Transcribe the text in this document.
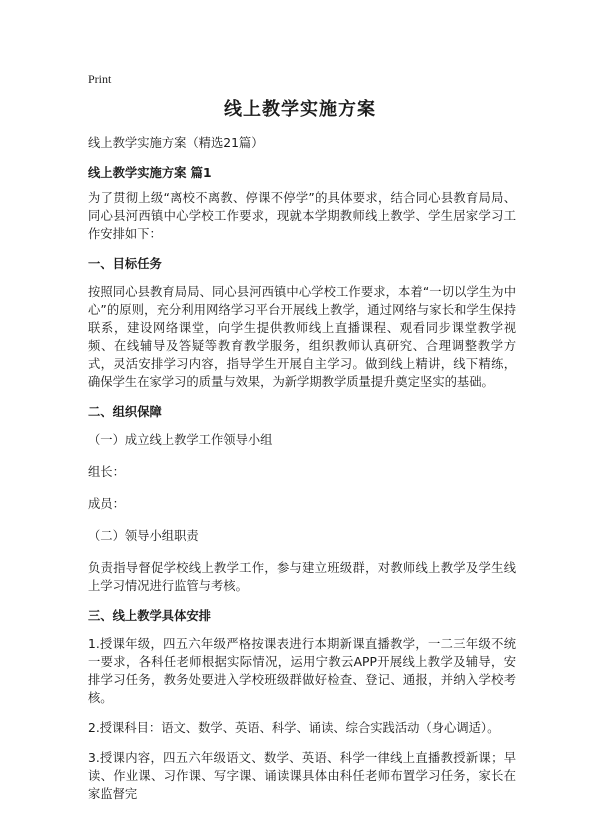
Print
线上教学实施方案

线上教学实施方案（精选21篇）

线上教学实施方案 篇1

为了贯彻上级“离校不离教、停课不停学”的具体要求，结合同心县教育局局、同心县河西镇中心学校工作要求，现就本学期教师线上教学、学生居家学习工作安排如下：

一、目标任务

按照同心县教育局局、同心县河西镇中心学校工作要求，本着“一切以学生为中心”的原则，充分利用网络学习平台开展线上教学，通过网络与家长和学生保持联系，建设网络课堂，向学生提供教师线上直播课程、观看同步课堂教学视频、在线辅导及答疑等教育教学服务，组织教师认真研究、合理调整教学方式，灵活安排学习内容，指导学生开展自主学习。做到线上精讲，线下精练，确保学生在家学习的质量与效果，为新学期教学质量提升奠定坚实的基础。

二、组织保障

（一）成立线上教学工作领导小组

组长：

成员：

（二）领导小组职责

负责指导督促学校线上教学工作，参与建立班级群，对教师线上教学及学生线上学习情况进行监管与考核。

三、线上教学具体安排

1.授课年级，四五六年级严格按课表进行本期新课直播教学，一二三年级不统一要求，各科任老师根据实际情况，运用宁教云APP开展线上教学及辅导，安排学习任务，教务处要进入学校班级群做好检查、登记、通报，并纳入学校考核。

2.授课科目：语文、数学、英语、科学、诵读、综合实践活动（身心调适）。

3.授课内容，四五六年级语文、数学、英语、科学一律线上直播教授新课；早读、作业课、习作课、写字课、诵读课具体由科任老师布置学习任务，家长在家监督完
